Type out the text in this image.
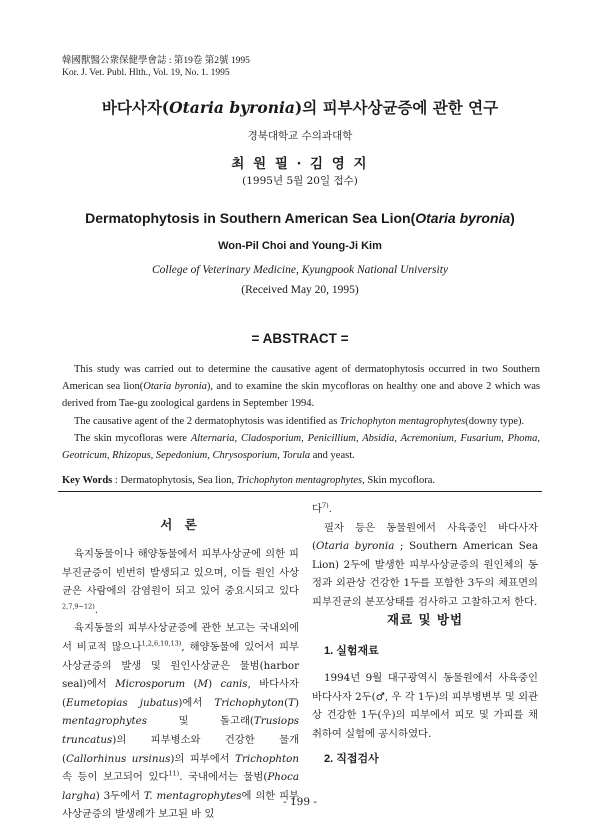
韓國獸醫公衆保健學會誌 : 第19卷 第2號 1995
Kor. J. Vet. Publ. Hlth., Vol. 19, No. 1. 1995
바다사자(Otaria byronia)의 피부사상균증에 관한 연구
경북대학교 수의과대학
최 원 필 · 김 영 지
(1995년 5월 20일 접수)
Dermatophytosis in Southern American Sea Lion(Otaria byronia)
Won-Pil Choi and Young-Ji Kim
College of Veterinary Medicine, Kyungpook National University
(Received May 20, 1995)
= ABSTRACT =

This study was carried out to determine the causative agent of dermatophytosis occurred in two Southern American sea lion(Otaria byronia), and to examine the skin mycofloras on healthy one and above 2 which was derived from Tae-gu zoological gardens in September 1994.

The causative agent of the 2 dermatophytosis was identified as Trichophyton mentagrophytes(downy type).

The skin mycofloras were Alternaria, Cladosporium, Penicillium, Absidia, Acremonium, Fusarium, Phoma, Geotricum, Rhizopus, Sepedonium, Chrysosporium, Torula and yeast.

Key Words : Dermatophytosis, Sea lion, Trichophyton mentagrophytes, Skin mycoflora.
서 론

육지동물이나 해양동물에서 피부사상균에 의한 피부진균증이 빈번히 발생되고 있으며, 이들 원인 사상균은 사람에의 감염원이 되고 있어 중요시되고 있다$^{2,7,9\sim 12)}$.

육지동물의 피부사상균증에 관한 보고는 국내외에서 비교적 많으나$^{1,2,6,10,13)}$, 해양동물에 있어서 피부사상균증의 발생 및 원인사상균은 물범(harbor seal)에서 Microsporum (M) canis, 바다사자(Eumetopias jubatus)에서 Trichophyton(T) mentagrophytes 및 돌고래(Trusiops truncatus)의 피부병소와 건강한 물개(Callorhinus ursinus)의 피부에서 Trichophton속 등이 보고되어 있다$^{11)}$. 국내에서는 물범(Phoca largha) 3두에서 T. mentagrophytes에 의한 피부사상균증의 발생례가 보고된 바 있

다$^{7)}$.

필자 등은 동물원에서 사육중인 바다사자(Otaria byronia ; Southern American Sea Lion) 2두에 발생한 피부사상균증의 원인체의 동정과 외관상 건강한 1두를 포함한 3두의 체표면의 피부진균의 분포상태를 검사하고 고찰하고저 한다.

재료 및 방법
1. 실험재료

1994년 9월 대구광역시 동물원에서 사육중인 바다사자 2두(♂, 우 각 1두)의 피부병변부 및 외관상 건강한 1두(우)의 피부에서 피모 및 가피를 채취하여 실험에 공시하였다.

2. 직접검사
- 199 -
